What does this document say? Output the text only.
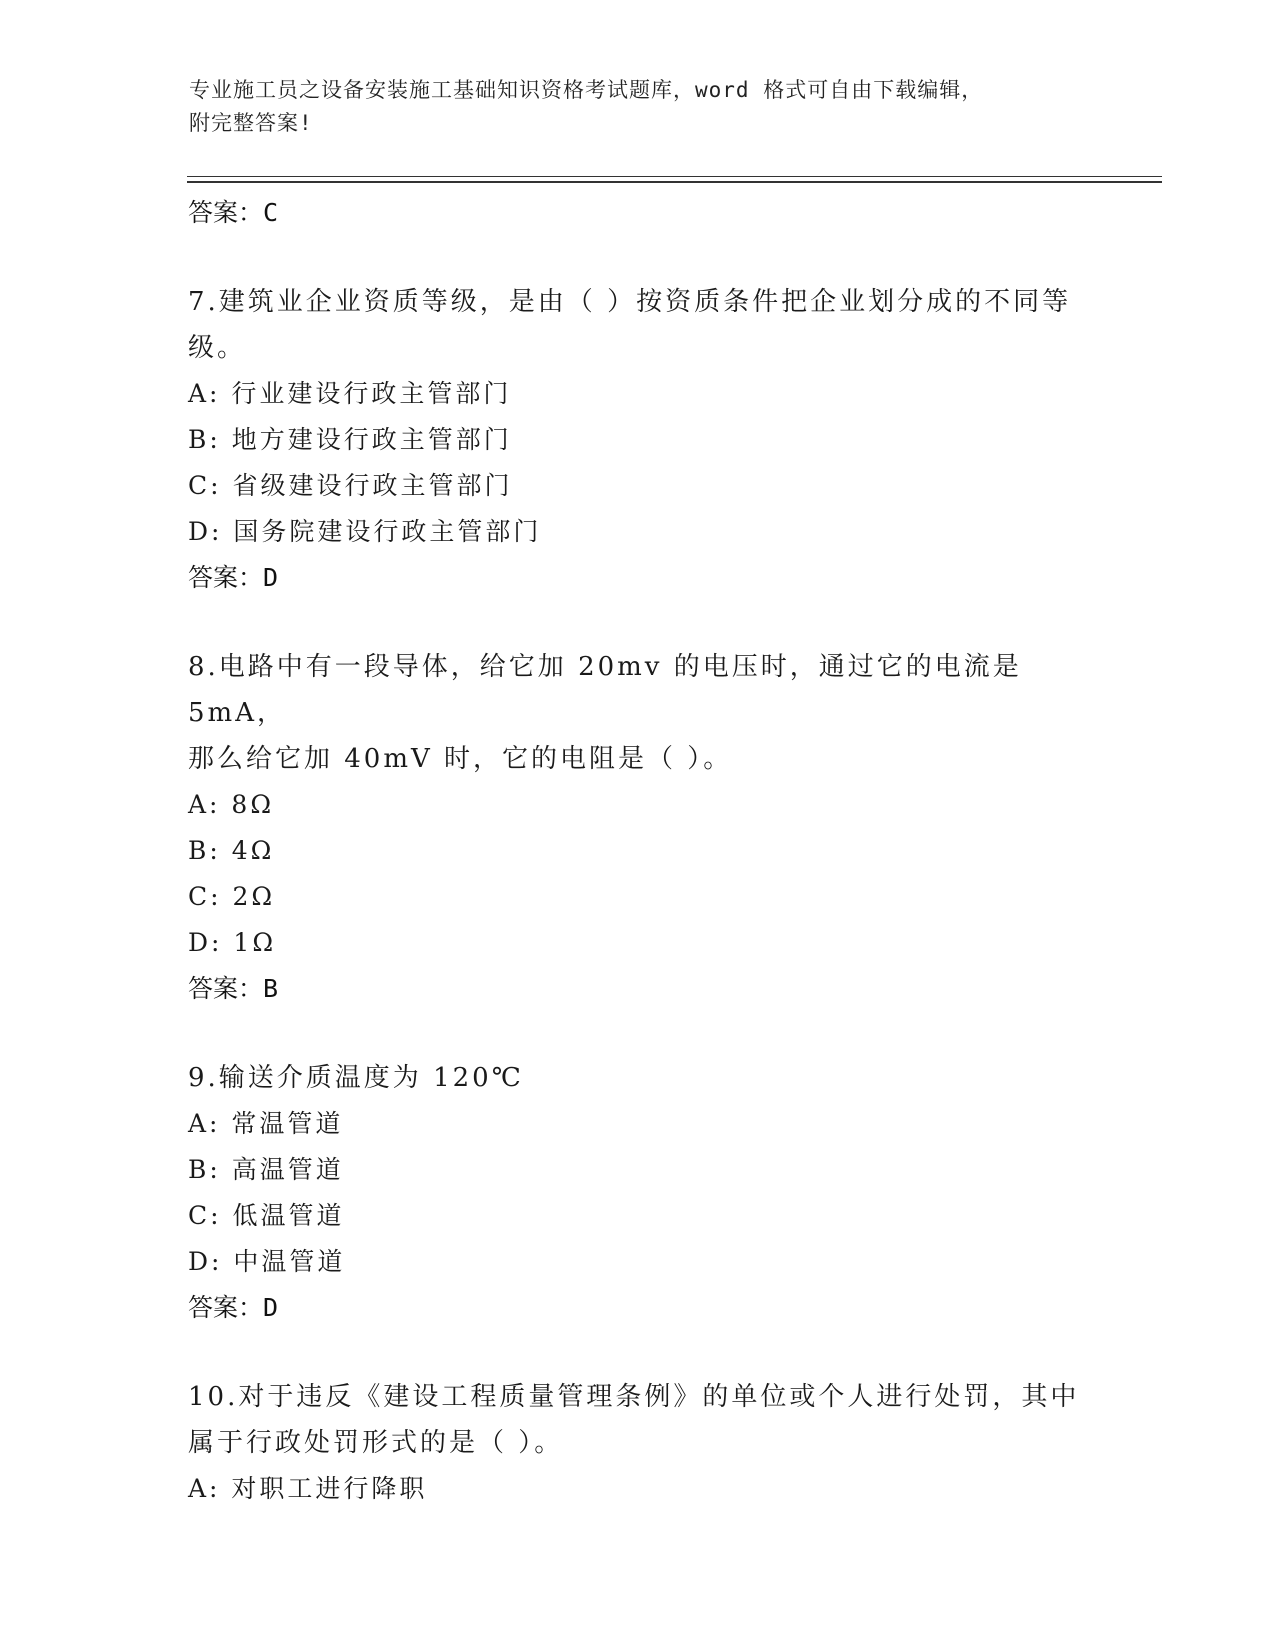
专业施工员之设备安装施工基础知识资格考试题库，word 格式可自由下载编辑，
附完整答案!

答案：C

7.建筑业企业资质等级，是由（ ）按资质条件把企业划分成的不同等

级。

A: 行业建设行政主管部门

B: 地方建设行政主管部门

C: 省级建设行政主管部门

D: 国务院建设行政主管部门

答案：D

8.电路中有一段导体，给它加 20mv 的电压时，通过它的电流是 5mA，

那么给它加 40mV 时，它的电阻是（ ）。

A: 8Ω

B: 4Ω

C: 2Ω

D: 1Ω

答案：B

9.输送介质温度为 120℃

A: 常温管道

B: 高温管道

C: 低温管道

D: 中温管道

答案：D

10.对于违反《建设工程质量管理条例》的单位或个人进行处罚，其中

属于行政处罚形式的是（ ）。

A: 对职工进行降职
